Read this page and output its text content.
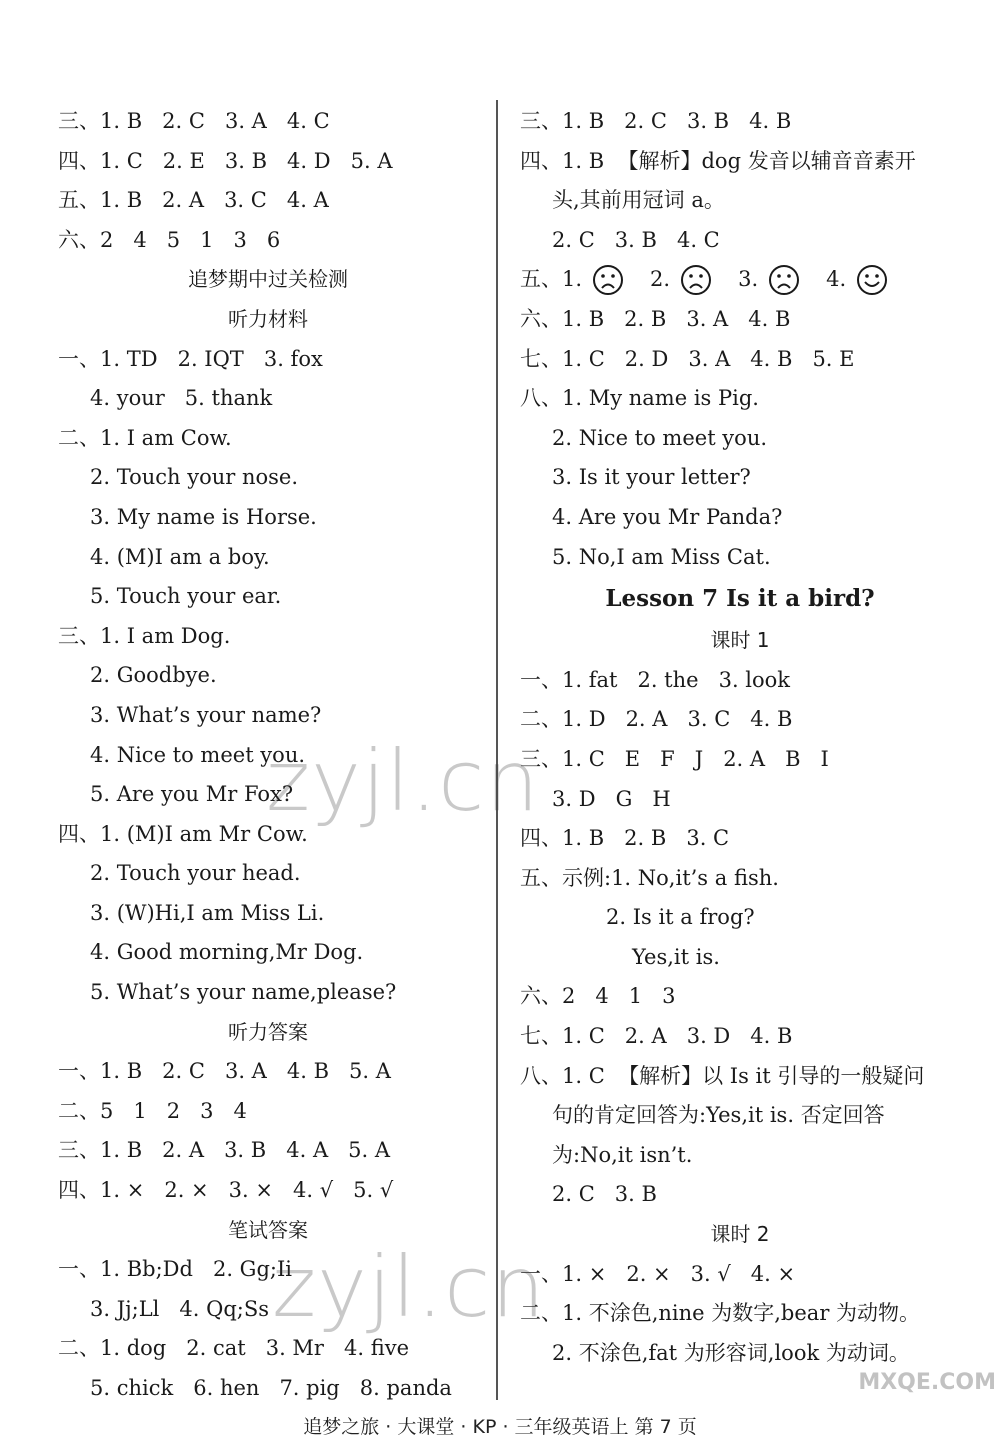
三、1. B   2. C   3. A   4. C
四、1. C   2. E   3. B   4. D   5. A
五、1. B   2. A   3. C   4. A
六、2   4   5   1   3   6
追梦期中过关检测
听力材料
一、1. TD   2. IQT   3. fox
4. your   5. thank
二、1. I am Cow.
2. Touch your nose.
3. My name is Horse.
4. (M)I am a boy.
5. Touch your ear.
三、1. I am Dog.
2. Goodbye.
3. What’s your name?
4. Nice to meet you.
5. Are you Mr Fox?
四、1. (M)I am Mr Cow.
2. Touch your head.
3. (W)Hi,I am Miss Li.
4. Good morning,Mr Dog.
5. What’s your name,please?
听力答案
一、1. B   2. C   3. A   4. B   5. A
二、5   1   2   3   4
三、1. B   2. A   3. B   4. A   5. A
四、1. ×   2. ×   3. ×   4. √   5. √
笔试答案
一、1. Bb;Dd   2. Gg;Ii
3. Jj;Ll   4. Qq;Ss
二、1. dog   2. cat   3. Mr   4. five
5. chick   6. hen   7. pig   8. panda
三、1. B   2. C   3. B   4. B
四、1. B  【解析】dog 发音以辅音音素开
头,其前用冠词 a。
2. C   3. B   4. C
五、1.	2.	3.	4.
六、1. B   2. B   3. A   4. B
七、1. C   2. D   3. A   4. B   5. E
八、1. My name is Pig.
2. Nice to meet you.
3. Is it your letter?
4. Are you Mr Panda?
5. No,I am Miss Cat.
Lesson 7 Is it a bird?
课时 1
一、1. fat   2. the   3. look
二、1. D   2. A   3. C   4. B
三、1. C   E   F   J   2. A   B   I
3. D   G   H
四、1. B   2. B   3. C
五、示例:1. No,it’s a fish.
2. Is it a frog?
Yes,it is.
六、2   4   1   3
七、1. C   2. A   3. D   4. B
八、1. C  【解析】以 Is it 引导的一般疑问
句的肯定回答为:Yes,it is. 否定回答
为:No,it isn’t.
2. C   3. B
课时 2
一、1. ×   2. ×   3. √   4. ×
二、1. 不涂色,nine 为数字,bear 为动物。
2. 不涂色,fat 为形容词,look 为动词。
zyjl.cn
zyjl.cn
MXQE.COM
追梦之旅 · 大课堂 · KP · 三年级英语上 第 7 页
